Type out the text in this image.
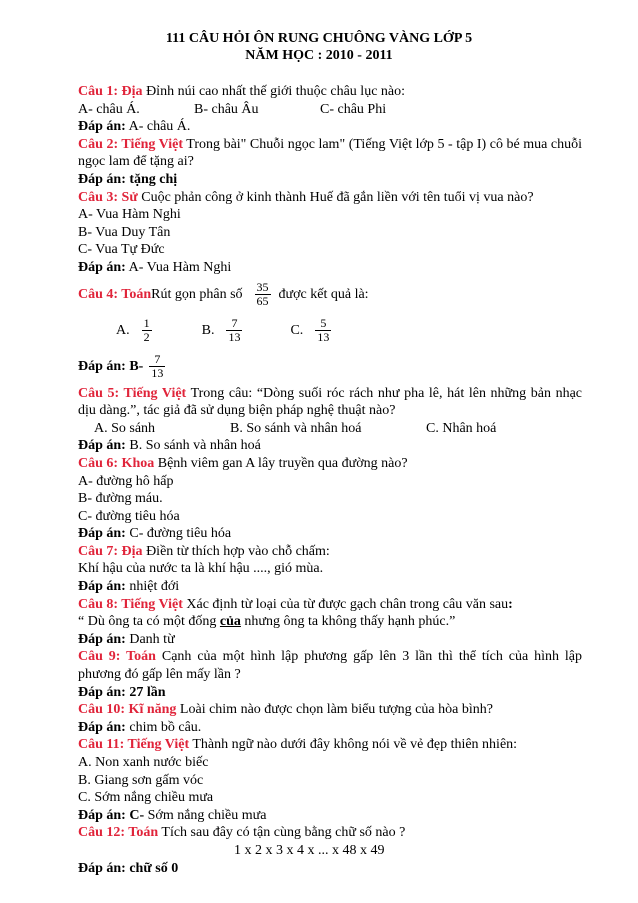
111 CÂU HỎI ÔN RUNG CHUÔNG VÀNG LỚP 5
NĂM HỌC : 2010 - 2011
Câu 1: Địa Đỉnh núi cao nhất thế giới thuộc châu lục nào:
A- châu Á.	B- châu Âu	C- châu Phi
Đáp án: A- châu Á.
Câu 2: Tiếng Việt Trong bài" Chuỗi ngọc lam" (Tiếng Việt lớp 5 - tập I) cô bé mua chuỗi ngọc lam để tặng ai?
Đáp án: tặng chị
Câu 3: Sử Cuộc phản công ở kinh thành Huế đã gắn liền với tên tuổi vị vua nào?
A- Vua Hàm Nghi
B- Vua Duy Tân
C- Vua Tự Đức
Đáp án: A- Vua Hàm Nghi
Câu 4: Toán Rút gọn phân số $\frac{35}{65}$ được kết quả là:
A. $\frac{1}{2}$	B. $\frac{7}{13}$	C. $\frac{5}{13}$
Đáp án: $B- \frac{7}{13}$
Câu 5: Tiếng Việt Trong câu: “Dòng suối róc rách như pha lê, hát lên những bản nhạc dịu dàng.”, tác giả đã sử dụng biện pháp nghệ thuật nào?
A. So sánh	B. So sánh và nhân hoá	C. Nhân hoá
Đáp án: B. So sánh và nhân hoá
Câu 6: Khoa Bệnh viêm gan A lây truyền qua đường nào?
A- đường hô hấp
B- đường máu.
C- đường tiêu hóa
Đáp án: C- đường tiêu hóa
Câu 7: Địa Điền từ thích hợp vào chỗ chấm:
Khí hậu của nước ta là khí hậu ...., gió mùa.
Đáp án: nhiệt đới
Câu 8: Tiếng Việt Xác định từ loại của từ được gạch chân trong câu văn sau:
“ Dù ông ta có một đống của nhưng ông ta không thấy hạnh phúc.”
Đáp án: Danh từ
Câu 9: Toán Cạnh của một hình lập phương gấp lên 3 lần thì thể tích của hình lập phương đó gấp lên mấy lần ?
Đáp án: 27 lần
Câu 10: Kĩ năng Loài chim nào được chọn làm biểu tượng của hòa bình?
Đáp án: chim bồ câu.
Câu 11: Tiếng Việt Thành ngữ nào dưới đây không nói về vẻ đẹp thiên nhiên:
A. Non xanh nước biếc
B. Giang sơn gấm vóc
C. Sớm nắng chiều mưa
Đáp án: C- Sớm nắng chiều mưa
Câu 12: Toán Tích sau đây có tận cùng bằng chữ số nào ?
1 x 2 x 3 x 4 x ... x 48 x 49
Đáp án: chữ số 0
